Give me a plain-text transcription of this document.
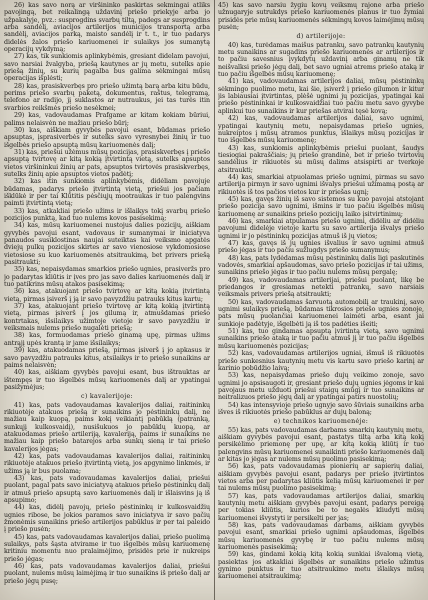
26) kas savo norą ar viršininko paskirtas sekmingai atliks pavojingą, bet reikalingą uždavinį priešo priekyje arba jo užpakalyje, pvz.: susprogdins svarbų tiltą, padegs ar susprogdins arba sandėlį, aviacijos artilerijos municijos transportą arba sandėlį, aviacijos parką, maisto sandėlį ir t. t., ir tuo padarys didelės žalos priešo kariuomenei ir sulaikys jos sumanytą operacijų vykdymą;

27) kas, tik sunkiomis aplinkybėmis, gresiant didelam pavojui, savo narsiai žvalgyba, priešą kautynes ar jų metu, sutelks apie priešą žinių, su kurių pagalba bus galima sėkmingai mūsų operacijas išplėsti;

28) kas, prasiskverbęs pro priešo užimtą barą arba kitu būdu, perims priešo svarbų paketą, dokumentus, raštus, telegramą, telefono ar radijo, jį suklastos ar nutraukus, jei tas turės itin svarbios reikšmės priešo nesėkmei;

29) kas, vadovaudamas Prafgame ar kitam kokiam būriui, palims nelaisvėn ne mažiau priešo būrį;

30) kas, aiškiam gyvybės pavojui esant, būdamas priešo apsuptas, įsprasiverbės ir sutelks savo vyresnybei žinių ir tuo išgelbės priešo apsuptą mūsų kariuomenės dalį;

31) kas, priešui užėmus mūsų pozicijas, prasiskverbęs į priešo apsuptą tvirtovę ar kitą kokią įtvirtintą vietą, sutelks apsuptos vietos viršininkui žinių ar pats, apsuptos tvirtovės prasiskverbęs, sutelks žinių apie apsuptos vietos padėtį;

32) kas itin sunkiomis aplinkybėmis, didėliam pavojuje būdamas, padarys priešo įtvirtintą vietą, priešui jos pačiam išklūkė ir per tai Klūtitis pėsčiųjų mootraukas ir tuo palengvins paimti įtvirtintą vietą;

33) kas, atkakliai priešo užims ir išlaikys tokį svarbų priešo pozicijos punktą, kad tuo nulems kovos pasisekimą;

34) kas, mūsų kariuomenei nustojus dalies pozicijų, aiškiam gyvybės pavojui esant, vadovaus ir sumanymai ir iniciatyva panaudos susiklostinas naujai suteiktas kai veiksmo apgatės dviejų pulkų pozicijos skirtes ar savo vienosiose vykdomosiose vietosiose su kuo kariuomenės atsitraukimą, bet privers priešą pasitraukti;

35) kas, nepaisydamas smarkios priešo ugnies, prasiveržs pro jo padarytas kliūtis ir įves pro jas savo dalies kariuomenės dalį ir tuo patikrins mūsų atakos pasisekimą;

36) kas, atakuojant priešo tvirtovę ar kitą kokią įtvirtintą vietą, pirmas įsiverš į ją ir savo pavyzdžiu patrauks kitus kartu;

37) kas, atakuojant priešo tvirtovę ar kitą kokią įtvirtintą vietą, pirmas įsiverš į jos gilumą ir, atmušdamas priešo kontrtakas, išsilaikys užimtoje vietoje ir savo pavyzdžiu ir veiksmais nulems priešo nugalėti priešą;

38) kas, formuodamas priešo ginamą upę, pirmas užims antrąjį upės krantą ir jame išsilaikys;

39) kas, atakuodamas priešą, pirmas įsiverš į jo apkasus ir savo pavyzdžiu patrauks kitus, atsilaikys ir to priešo sunaikins ar paims nelaisvėn;

40) kas, aiškiam gyvybės pavojui esant, bus ištrauktas ar ištempęs ir tuo išgelbės mūsų kariuomenės dalį ar ypatingai pasižymėjus;

c) kavalerijoje:

41) kas, pats vadovaudamas kavalerijos daliai, raitininkų rikiuotėje atakuos priešą ir sunaikins jo pėstininkų dalį, ne mažiau kaip kuopą, paims kokį veikiantį pabūklą (patranką, sunkųjį kulkosvaidį), nusišukuos jo pabūklų kuopą, ar atakuodamas priešo artileriją, kavaleriją, paims ir sunaikins ne mažiau kaip priešo batarejos arba sunkų sieną ir tai priešo kavalerijos jėgas;

42) kas, pats vadovaudamas kavalerijos daliai, raitininkų rikiuotėje atakuos priešo įtvirtintą vietą, jos apgynimo linkmės, ir užims ją ir bus puolama;

43) kas, pats vadovaudamas kavalerijos daliai, priešui puolant, pagal pats savo iniciatyvą atakuos priešo pėstininkų dalį ir atmuš priešo apsuptą savo kariuomenės dalį ir išlaisvins ją iš apsupimo;

44) kas, didėlį pavojų, priešo pėstininkų ir kulkosvaidžių ugnies ribose, be jokios paramos savo iniciatyva ir savo pačių žmonėmis sunaikins priešo artilerijos pabūklus ir per tai paleido į priešo pusėn;

45) kas, pats vadovaudamas kavalerijos daliai, priešo puolimą sulaikys, pats šąsta atvirame ir tuo išgelbės mūsų kariuomenę kritiniu momentu nuo pralaimėjimo, prisidės prie ir nukreips priešo jėgas;

46) kas, pats vadovaudamas kavalerijos daliai, priešui puolant, nulems mūsų laimėjimą ir tuo sunaikins iš priešo dalį ar priešo jėgų pusę;

45) kas savo narsiu žygiu kovų veiksmų rajone arba priešo užnugaryje sutrukdys priešo kariuomenės planus ir tuo žymiai prisidės prie mūsų kariuomenės sėkmingų kovos laimėjimų mūsų pusėn;

d) artilerijoje:

40) kas, turėdamas maišus patrankų, savo patrankų kautynių metu sunaikins ar sugadins priešo kariuomenės ar artilerijos ir to pačiu savesnius įvykdytų uždavinį arba ginamų ne tik neišvalksi priešo jėgų dalį, bet savo ugniai atrems priešo ataką ir tuo pačiu išgelbės mūsų kariuomenę;

41) kas, vadovaudamas artilerijos daliai, mūsų pėstininkų sėkmingo puolimo metu, kai šie, įsiverž į priešo gilumon ir kitur jis labiausiai įtvirtintas, plėšė ugnimi jų pozicijas, ypatingai kai priešo pėstininkai ir kulkosvaidžiai tuo pačiu metu savo gyvybe aplinkui tuo sunaikins ir kur priešas atvirai tęsė kovą;

42) kas, vadovaudamas artilerijos daliai, savo ugnimi, ypatingai kautynių metu, nepaisydamas priešo ugnies, nukreiptos į mūsų atramos punktus, išlaikys mūsų pozicijas ir tuo išgelbės mūsų kariuomenę;

43) kas, sunkiomis aplinkybėmis priešui puolant, šaudys tiesiogiai pakraščiais; jų priešo grandinė, bet ir priešo tvirtovių sandėlius ir rikiuotės su mūsų dalims atsispirti ar tverkoje atsitraukti;

44) kas, smarkiai atpuolamas priešo ugnimi, pirmas su savo artilerija pirmyn ir savo ugnimi išvalys priešui užimamą postą ar rikiuotės iš tos pačios vietos kur ir priešas ugnį;

45) kas, gavęs žinių iš savo sistemos su kuo pavojai atstojant priešo pozicija savo ugnimi, išmins ir tuo pačiu išgelbės mūsų kariuomenę ar sunaikins priešo pozicijų laiko įsitvirtinimų;

46) kas, smarkiai atpulamas priešo ugnimi, didėliu ar didėliu pavojumi didelėje vietoje kartu su savo artilerija išvalys priešo ugnimi ir jo pėstininkų pozicijas atmuš iš jų vietos;

47) kas, gavęs iš jų ugnies išvalius ir savo ugnimi atmuš priešo jėgas ir tuo pačiu sužlugdys priešo sumanymus;

48) kas, pats lydėdamas mūsų pėstininkų dalis ligi paskutinės vadovės, smarkiai apšaudomas, savo priešo pozicijas ir tai užims, sunaikins priešo jėgas ir tuo pačiu nulems mūsų pergalę;

49) kas, vadovaudamas artilerijai, priešui puolant, likę be priedangos ir gresiamas netekti patrankų, savo narsiais veiksmais privers priešą atsitraukti;

50) kas, vadovaudamas šarvuotą automobilį ar traukinį, savo ugnimi sulaikys priešą, būdamas tikrosios priešo ugnies zonoje, pats mūsų puolančiai kariuomenei laimėti arba, esant jai sunkioje padėtyje, išgelbėti ją iš tos padėties išeiti;

51) kas, tuo gindamas apsuptą įvirtintą vietą, savo ugnimi sunaikins priešo ataką ir tuo pačiu atmuš jį ir tuo pačiu išgelbės mūsų kariuomenės pozicijas;

52) kas, vadovaudamas artilerijos ugniai, išmuš iš rikiuotės priešo sunkesnius kautynių metu vis kartu savo priešo karinį ar karinio pobūdžio laivą;

53) kas, nepaisydamas priešo dujų veikimo zonoje, savo ugnimi jo apsisaugoti ir, gresiant priešo dujų ugnies jėgoms ir kai pavojaus metu užduoti priešui staigų smūgį ir tuo sunaikins ar neitralizuos priešo jėgų dalį ar ypatingai patirs nuostolių;

54) kas intensyvioje priešo ugnyje savo šūviais sunaikins arba išves iš rikiuotės priešo pabūklus ar dujų baloną;

e) technikos kariuomenėje:

55) kas, pats vadovaudamas darbams smarkių kautynių metu, aiškiam gyvybės pavojui esant, pastatys tiltą arba kitą kokį persikėlimo priemonę per upę, ar kitą kokią kliūtį ir tuo palengvins mūsų kariuomenei sunaikinti priešo kariuomenės dalį ar kitas jo jėgas ar nulems mūsų puolimo pasisekimą;

56) kas, pats vadovaudamas pionierių ar sapierių daliai, aiškiam gyvybės pavojui esant, padarys per priešo įtvirtintos vietos arba per padarytas kliūtis kelią mūsų kariuomenei ir per tai nulems mūsų puolimo pasisekimą;

57) kas, pats vadovaudamas artilerijos daliai, smarkių kautynių metu aiškiam gyvybės pavojui esant, padarys pereigą per tokias kliūtis, kurios be to negalės kliudyti mūsų kariuomenei išvystyti ir persikelti per jas;

58) kas, pats vadovaudamas darbams, aiškiam gyvybės pavojui esant, smarkiai priešo ugnimi apšaudomas, išgelbės mūsų kariuomenės gyvybę ir tuo pačiu nulems mūsų kariuomenės pasisekimą;

59) kas, gindami kokią kitą kokią sunkiai išvalomą vietą, pasiektas jos atkakliai išgelbės ar sunaikins priešo užimtus gynimo punktus ir tuo atsitraukimo metu išlaikys mūsų kariuomenei atsitraukimą;
